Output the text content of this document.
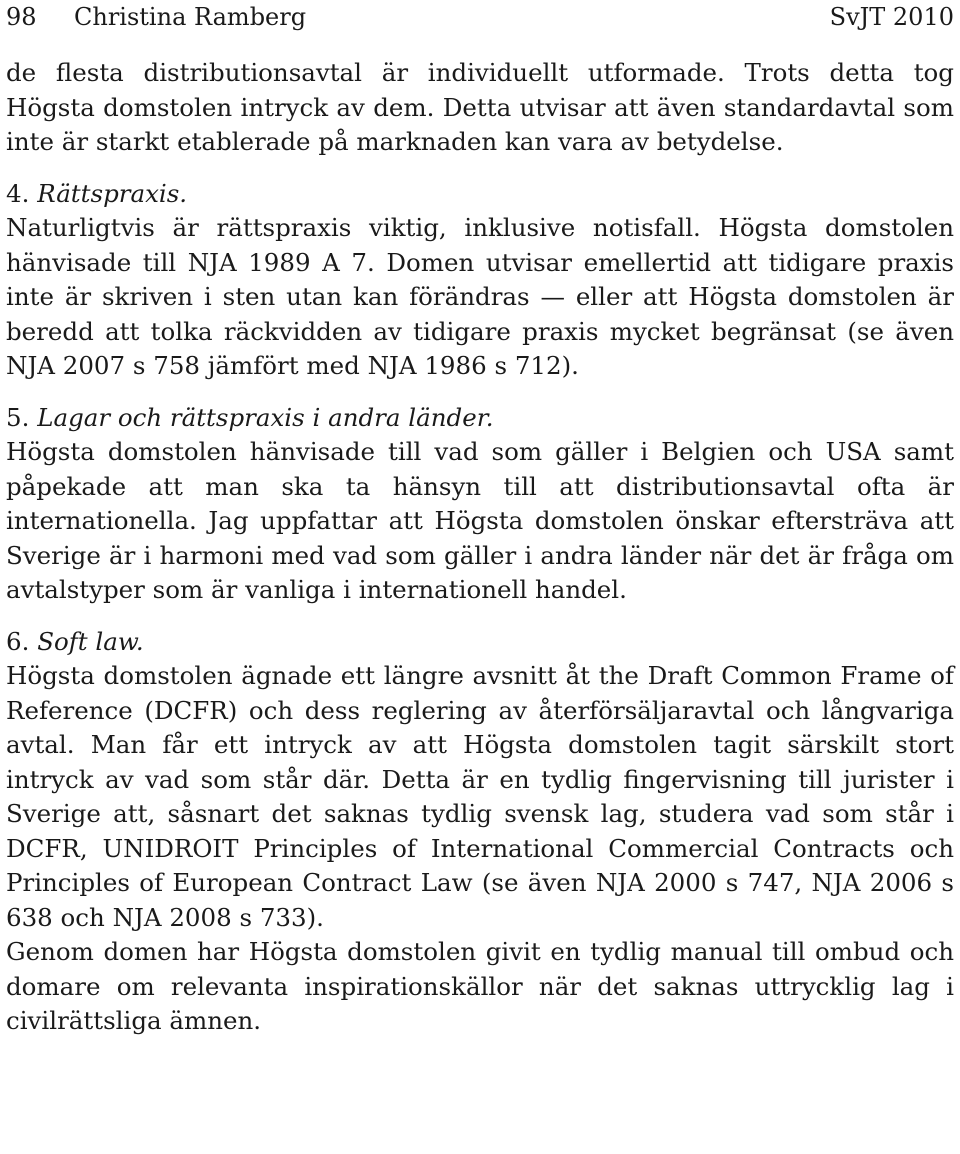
98 Christina Ramberg	SvJT 2010

de flesta distributionsavtal är individuellt utformade. Trots detta tog Högsta domstolen intryck av dem. Detta utvisar att även standardavtal som inte är starkt etablerade på marknaden kan vara av betydelse.

4. Rättspraxis.

Naturligtvis är rättspraxis viktig, inklusive notisfall. Högsta domstolen hänvisade till NJA 1989 A 7. Domen utvisar emellertid att tidigare praxis inte är skriven i sten utan kan förändras — eller att Högsta domstolen är beredd att tolka räckvidden av tidigare praxis mycket begränsat (se även NJA 2007 s 758 jämfört med NJA 1986 s 712).

5. Lagar och rättspraxis i andra länder.

Högsta domstolen hänvisade till vad som gäller i Belgien och USA samt påpekade att man ska ta hänsyn till att distributionsavtal ofta är internationella. Jag uppfattar att Högsta domstolen önskar eftersträva att Sverige är i harmoni med vad som gäller i andra länder när det är fråga om avtalstyper som är vanliga i internationell handel.

6. Soft law.

Högsta domstolen ägnade ett längre avsnitt åt the Draft Common Frame of Reference (DCFR) och dess reglering av återförsäljaravtal och långvariga avtal. Man får ett intryck av att Högsta domstolen tagit särskilt stort intryck av vad som står där. Detta är en tydlig fingervisning till jurister i Sverige att, såsnart det saknas tydlig svensk lag, studera vad som står i DCFR, UNIDROIT Principles of International Commercial Contracts och Principles of European Contract Law (se även NJA 2000 s 747, NJA 2006 s 638 och NJA 2008 s 733).

Genom domen har Högsta domstolen givit en tydlig manual till ombud och domare om relevanta inspirationskällor när det saknas uttrycklig lag i civilrättsliga ämnen.
